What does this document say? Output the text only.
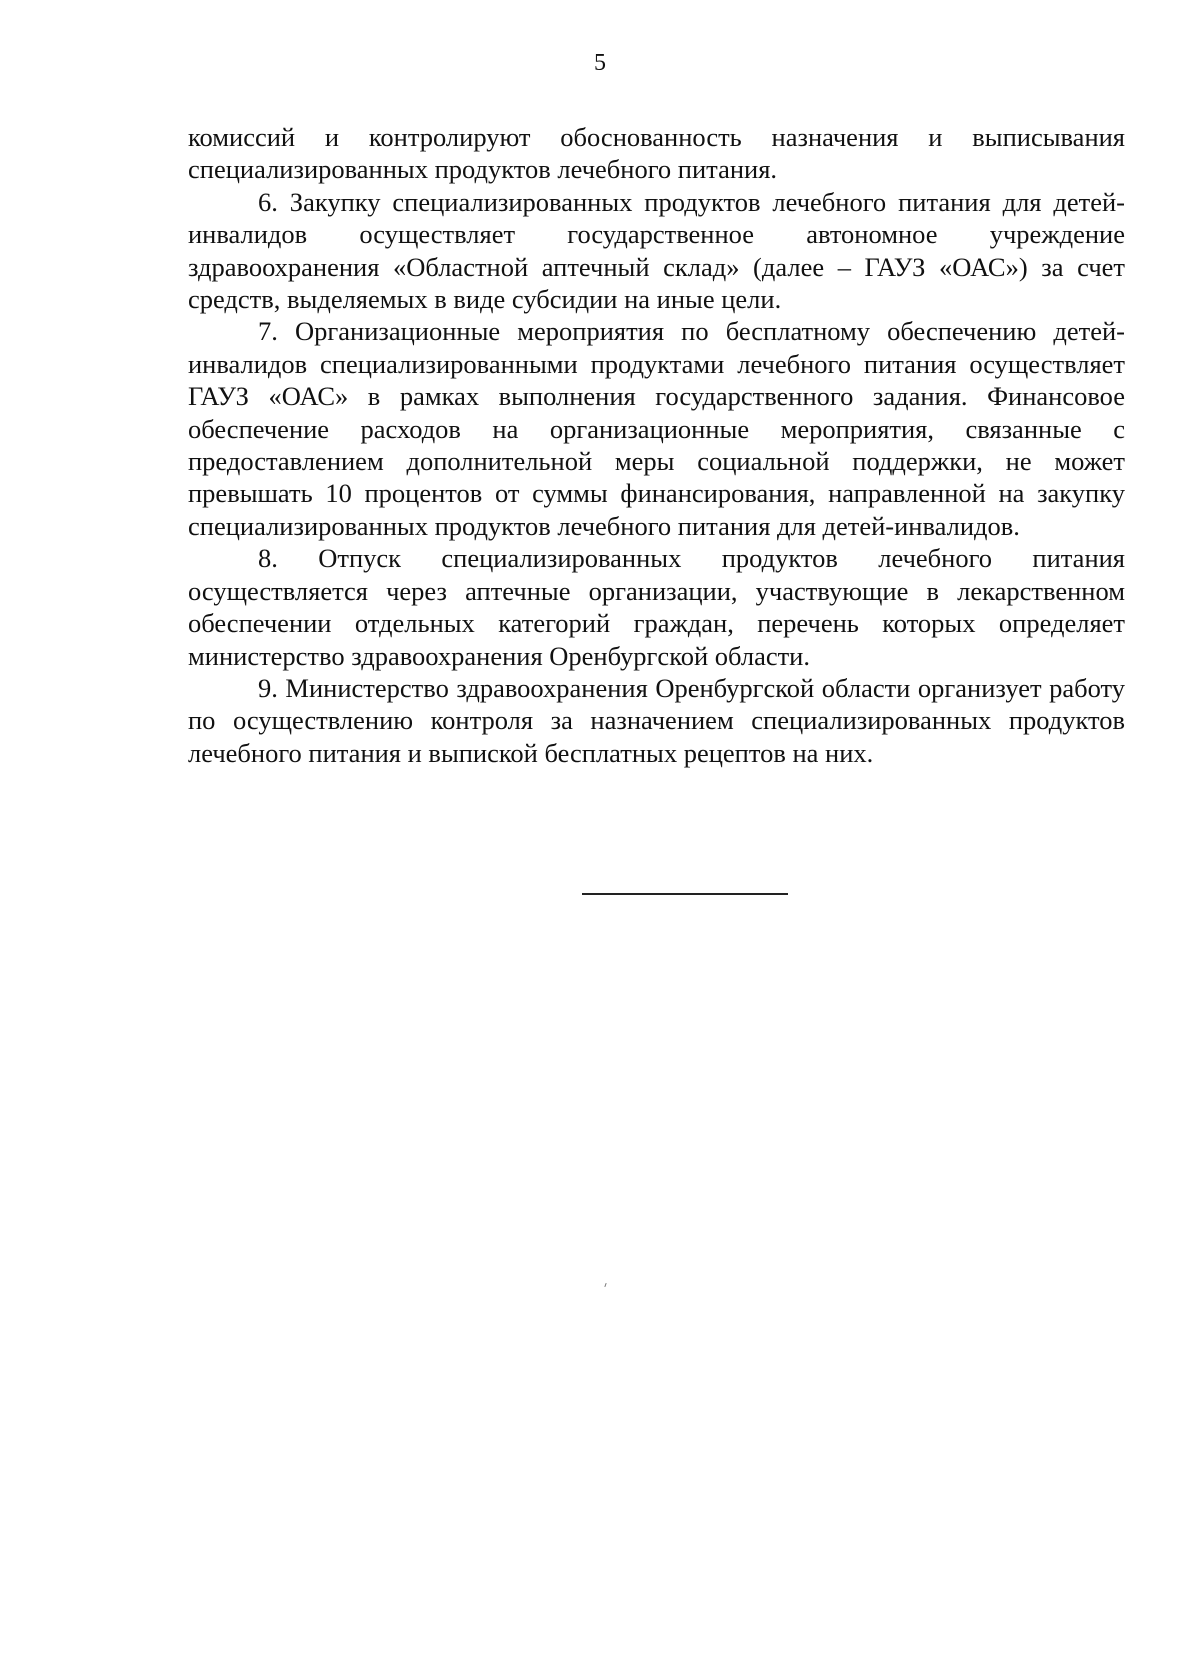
5

комиссий и контролируют обоснованность назначения и выписывания специализированных продуктов лечебного питания.

6. Закупку специализированных продуктов лечебного питания для детей-инвалидов осуществляет государственное автономное учреждение здравоохранения «Областной аптечный склад» (далее – ГАУЗ «ОАС») за счет средств, выделяемых в виде субсидии на иные цели.

7. Организационные мероприятия по бесплатному обеспечению детей-инвалидов специализированными продуктами лечебного питания осуществляет ГАУЗ «ОАС» в рамках выполнения государственного задания. Финансовое обеспечение расходов на организационные мероприятия, связанные с предоставлением дополнительной меры социальной поддержки, не может превышать 10 процентов от суммы финансирования, направленной на закупку специализированных продуктов лечебного питания для детей-инвалидов.

8. Отпуск специализированных продуктов лечебного питания осуществляется через аптечные организации, участвующие в лекарственном обеспечении отдельных категорий граждан, перечень которых определяет министерство здравоохранения Оренбургской области.

9. Министерство здравоохранения Оренбургской области организует работу по осуществлению контроля за назначением специализированных продуктов лечебного питания и выпиской бесплатных рецептов на них.
